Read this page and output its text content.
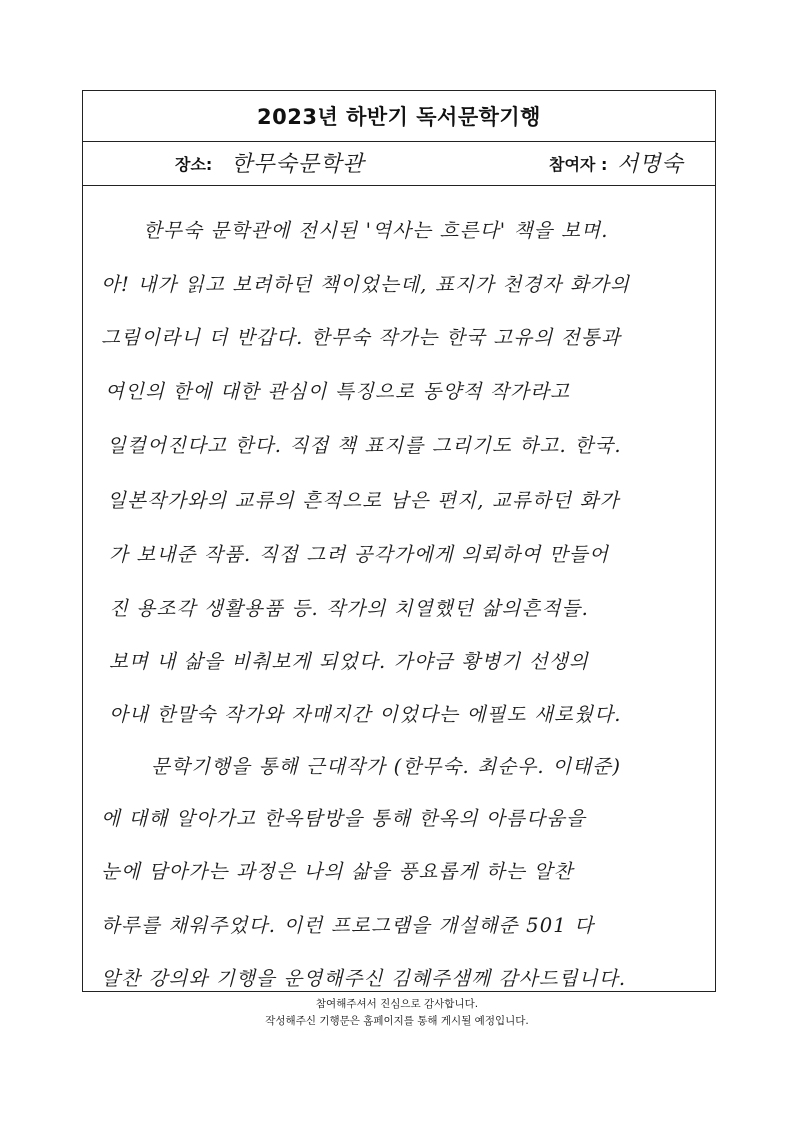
2023년 하반기 독서문학기행
장소: 한무숙문학관	참여자 : 서명숙
한무숙 문학관에 전시된 '역사는 흐른다' 책을 보며.
아! 내가 읽고 보려하던 책이었는데, 표지가 천경자 화가의
그림이라니 더 반갑다. 한무숙 작가는 한국 고유의 전통과
여인의 한에 대한 관심이 특징으로 동양적 작가라고
일컬어진다고 한다. 직접 책 표지를 그리기도 하고. 한국.
일본작가와의 교류의 흔적으로 남은 편지, 교류하던 화가
가 보내준 작품. 직접 그려 공각가에게 의뢰하여 만들어
진 용조각 생활용품 등. 작가의 치열했던 삶의흔적들.
보며 내 삶을 비춰보게 되었다. 가야금 황병기 선생의
아내 한말숙 작가와 자매지간 이었다는 에필도 새로웠다.
문학기행을 통해 근대작가 (한무숙. 최순우. 이태준)
에 대해 알아가고 한옥탐방을 통해 한옥의 아름다움을
눈에 담아가는 과정은 나의 삶을 풍요롭게 하는 알찬
하루를 채워주었다. 이런 프로그램을 개설해준 501 다
알찬 강의와 기행을 운영해주신 김혜주샘께 감사드립니다.
참여해주셔서 진심으로 감사합니다.
작성해주신 기행문은 홈페이지를 통해 게시될 예정입니다.
